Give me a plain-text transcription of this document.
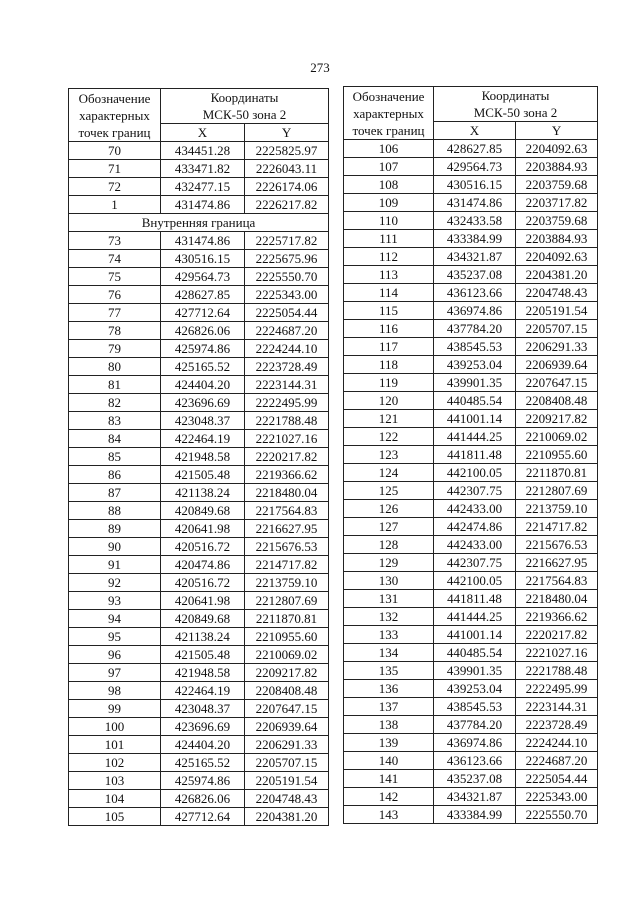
273
Обозначение
характерных
точек границ	Координаты	

	МСК-50 зона 2	
	X	Y
70	434451.28	2225825.97
71	433471.82	2226043.11
72	432477.15	2226174.06
1	431474.86	2226217.82
Внутренняя граница		
73	431474.86	2225717.82
74	430516.15	2225675.96
75	429564.73	2225550.70
76	428627.85	2225343.00
77	427712.64	2225054.44
78	426826.06	2224687.20
79	425974.86	2224244.10
80	425165.52	2223728.49
81	424404.20	2223144.31
82	423696.69	2222495.99
83	423048.37	2221788.48
84	422464.19	2221027.16
85	421948.58	2220217.82
86	421505.48	2219366.62
87	421138.24	2218480.04
88	420849.68	2217564.83
89	420641.98	2216627.95
90	420516.72	2215676.53
91	420474.86	2214717.82
92	420516.72	2213759.10
93	420641.98	2212807.69
94	420849.68	2211870.81
95	421138.24	2210955.60
96	421505.48	2210069.02
97	421948.58	2209217.82
98	422464.19	2208408.48
99	423048.37	2207647.15
100	423696.69	2206939.64
101	424404.20	2206291.33
102	425165.52	2205707.15
103	425974.86	2205191.54
104	426826.06	2204748.43
105	427712.64	2204381.20
Обозначение
характерных
точек границ	Координаты	

	МСК-50 зона 2	
	X	Y
106	428627.85	2204092.63
107	429564.73	2203884.93
108	430516.15	2203759.68
109	431474.86	2203717.82
110	432433.58	2203759.68
111	433384.99	2203884.93
112	434321.87	2204092.63
113	435237.08	2204381.20
114	436123.66	2204748.43
115	436974.86	2205191.54
116	437784.20	2205707.15
117	438545.53	2206291.33
118	439253.04	2206939.64
119	439901.35	2207647.15
120	440485.54	2208408.48
121	441001.14	2209217.82
122	441444.25	2210069.02
123	441811.48	2210955.60
124	442100.05	2211870.81
125	442307.75	2212807.69
126	442433.00	2213759.10
127	442474.86	2214717.82
128	442433.00	2215676.53
129	442307.75	2216627.95
130	442100.05	2217564.83
131	441811.48	2218480.04
132	441444.25	2219366.62
133	441001.14	2220217.82
134	440485.54	2221027.16
135	439901.35	2221788.48
136	439253.04	2222495.99
137	438545.53	2223144.31
138	437784.20	2223728.49
139	436974.86	2224244.10
140	436123.66	2224687.20
141	435237.08	2225054.44
142	434321.87	2225343.00
143	433384.99	2225550.70
